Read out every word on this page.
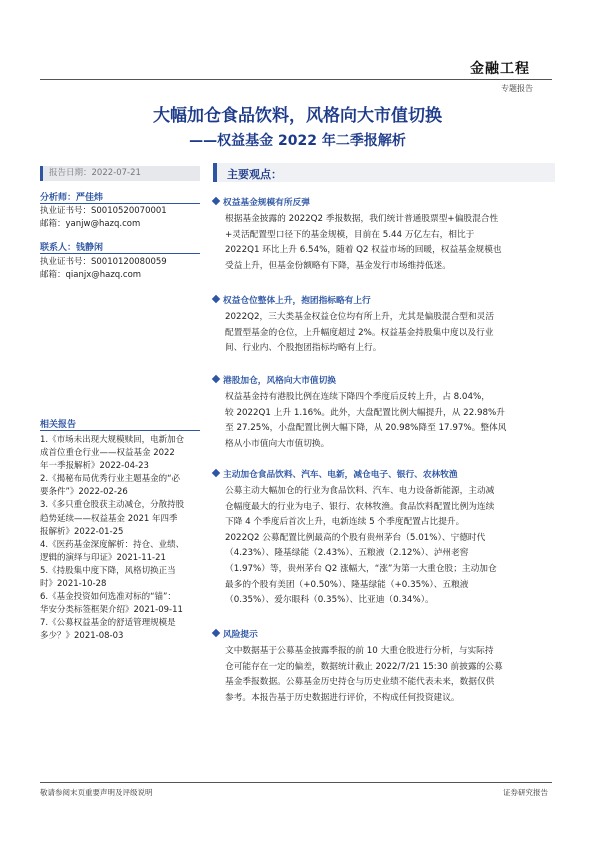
金融工程
专题报告
大幅加仓食品饮料，风格向大市值切换
——权益基金 2022 年二季报解析
报告日期：2022-07-21
分析师：严佳炜
执业证书号：S0010520070001
邮箱：yanjw@hazq.com
联系人：钱静闲
执业证书号：S0010120080059
邮箱：qianjx@hazq.com
相关报告
1.《市场未出现大规模赎回，电新加仓
成首位重仓行业——权益基金 2022
年一季报解析》2022-04-23
2.《揭秘布局优秀行业主题基金的“必
要条件”》2022-02-26
3.《多只重仓股获主动减仓，分散持股
趋势延续——权益基金 2021 年四季
报解析》2022-01-25
4.《医药基金深度解析：持仓、业绩、
逻辑的演绎与印证》2021-11-21
5.《持股集中度下降，风格切换正当
时》2021-10-28
6.《基金投资如何选准对标的“锚”：
华安分类标签框架介绍》2021-09-11
7.《公募权益基金的舒适管理规模是
多少？》2021-08-03
主要观点：
权益基金规模有所反弹
根据基金披露的 2022Q2 季报数据，我们统计普通股票型+偏股混合性
+灵活配置型口径下的基金规模，目前在 5.44 万亿左右，相比于
2022Q1 环比上升 6.54%，随着 Q2 权益市场的回暖，权益基金规模也
受益上升，但基金份额略有下降，基金发行市场维持低迷。
权益仓位整体上升，抱团指标略有上行
2022Q2，三大类基金权益仓位均有所上升，尤其是偏股混合型和灵活
配置型基金的仓位，上升幅度超过 2%。权益基金持股集中度以及行业
间、行业内、个股抱团指标均略有上行。
港股加仓，风格向大市值切换
权益基金持有港股比例在连续下降四个季度后反转上升，占 8.04%，
较 2022Q1 上升 1.16%。此外，大盘配置比例大幅提升，从 22.98%升
至 27.25%，小盘配置比例大幅下降，从 20.98%降至 17.97%。整体风
格从小市值向大市值切换。
主动加仓食品饮料、汽车、电新，减仓电子、银行、农林牧渔
公募主动大幅加仓的行业为食品饮料、汽车、电力设备新能源，主动减
仓幅度最大的行业为电子、银行、农林牧渔。食品饮料配置比例为连续
下降 4 个季度后首次上升，电新连续 5 个季度配置占比提升。
2022Q2 公募配置比例最高的个股有贵州茅台（5.01%）、宁德时代
（4.23%）、隆基绿能（2.43%）、五粮液（2.12%）、泸州老窖
（1.97%）等，贵州茅台 Q2 涨幅大，“涨”为第一大重仓股；主动加仓
最多的个股有美团（+0.50%）、隆基绿能（+0.35%）、五粮液
（0.35%）、爱尔眼科（0.35%）、比亚迪（0.34%）。
风险提示
文中数据基于公募基金披露季报的前 10 大重仓股进行分析，与实际持
仓可能存在一定的偏差，数据统计截止 2022/7/21 15:30 前披露的公募
基金季报数据。公募基金历史持仓与历史业绩不能代表未来，数据仅供
参考。本报告基于历史数据进行评价，不构成任何投资建议。
敬请参阅末页重要声明及评级说明	证券研究报告
